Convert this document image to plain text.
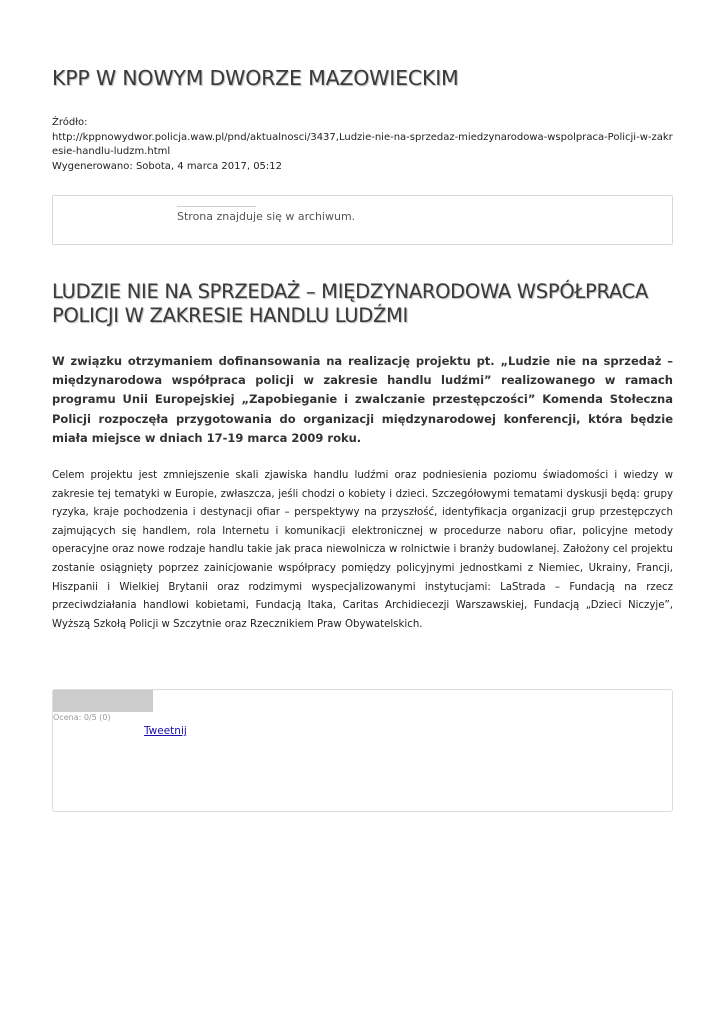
KPP W NOWYM DWORZE MAZOWIECKIM
Źródło:
http://kppnowydwor.policja.waw.pl/pnd/aktualnosci/3437,Ludzie-nie-na-sprzedaz-miedzynarodowa-wspolpraca-Policji-w-zakresie-handlu-ludzm.html
Wygenerowano: Sobota, 4 marca 2017, 05:12
Strona znajduje się w archiwum.
LUDZIE NIE NA SPRZEDAŻ – MIĘDZYNARODOWA WSPÓŁPRACA POLICJI W ZAKRESIE HANDLU LUDŹMI

W związku otrzymaniem dofinansowania na realizację projektu pt. „Ludzie nie na sprzedaż – międzynarodowa współpraca policji w zakresie handlu ludźmi” realizowanego w ramach programu Unii Europejskiej „Zapobieganie i zwalczanie przestępczości” Komenda Stołeczna Policji rozpoczęła przygotowania do organizacji międzynarodowej konferencji, która będzie miała miejsce w dniach 17-19 marca 2009 roku.

Celem projektu jest zmniejszenie skali zjawiska handlu ludźmi oraz podniesienia poziomu świadomości i wiedzy w zakresie tej tematyki w Europie, zwłaszcza, jeśli chodzi o kobiety i dzieci. Szczegółowymi tematami dyskusji będą: grupy ryzyka, kraje pochodzenia i destynacji ofiar – perspektywy na przyszłość, identyfikacja organizacji grup przestępczych zajmujących się handlem, rola Internetu i komunikacji elektronicznej w procedurze naboru ofiar, policyjne metody operacyjne oraz nowe rodzaje handlu takie jak praca niewolnicza w rolnictwie i branży budowlanej. Założony cel projektu zostanie osiągnięty poprzez zainicjowanie współpracy pomiędzy policyjnymi jednostkami z Niemiec, Ukrainy, Francji, Hiszpanii i Wielkiej Brytanii oraz rodzimymi wyspecjalizowanymi instytucjami: LaStrada – Fundacją na rzecz przeciwdziałania handlowi kobietami, Fundacją Itaka, Caritas Archidiecezji Warszawskiej, Fundacją „Dzieci Niczyje”, Wyższą Szkołą Policji w Szczytnie oraz Rzecznikiem Praw Obywatelskich.

Ocena: 0/5 (0)
Tweetnij
